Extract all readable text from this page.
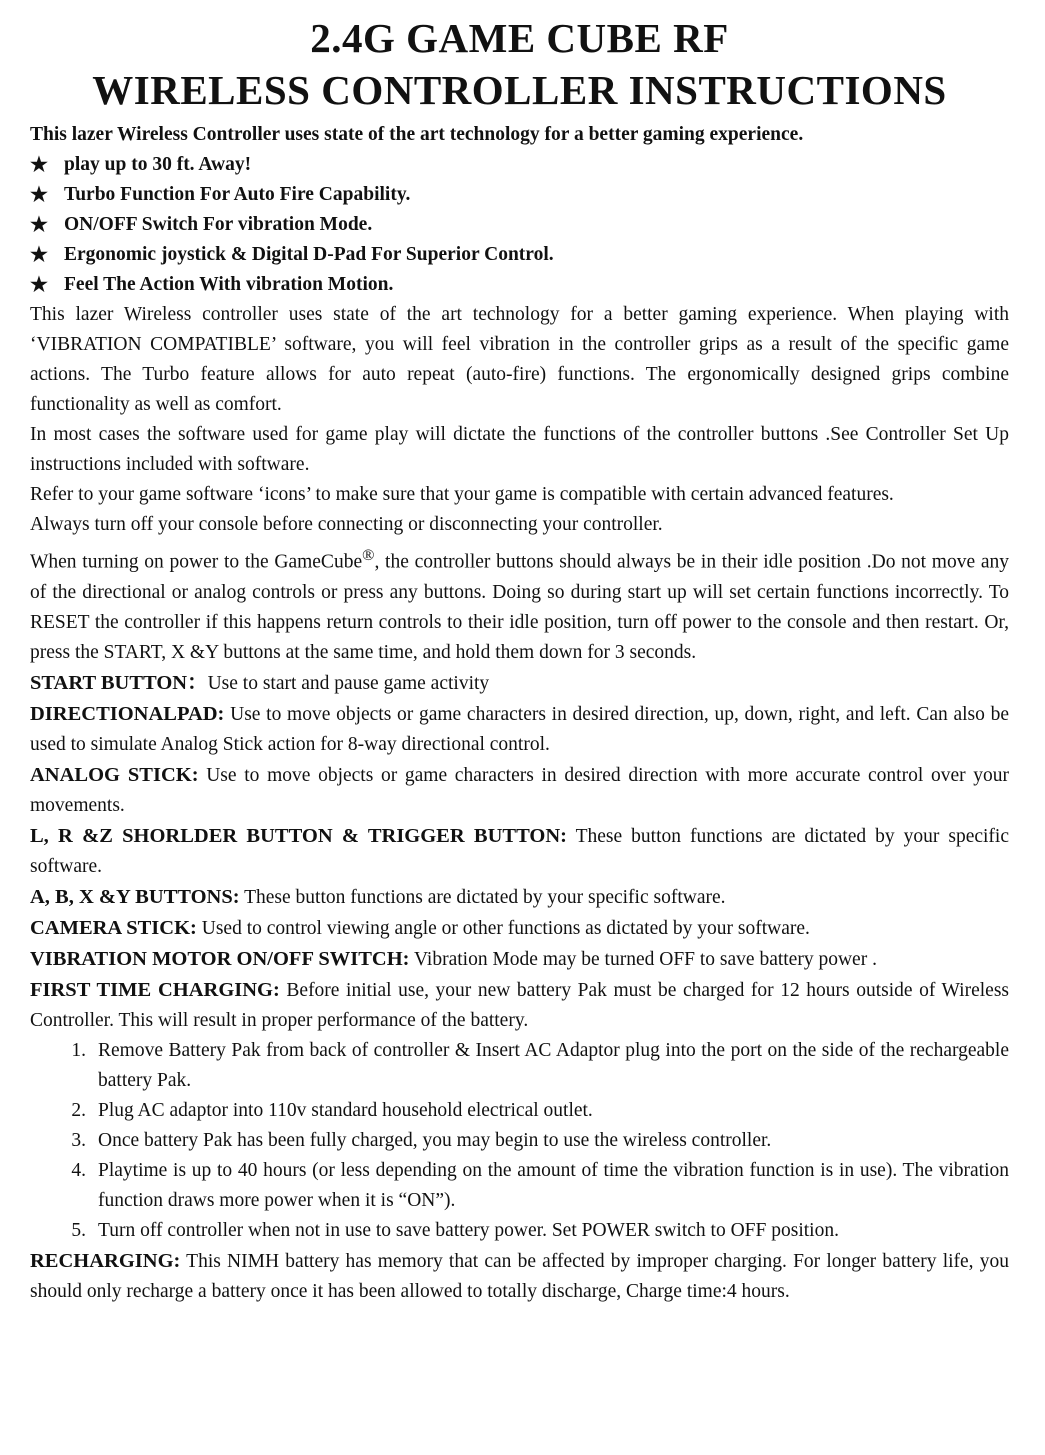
2.4G GAME CUBE RF
WIRELESS CONTROLLER INSTRUCTIONS
This lazer Wireless Controller uses state of the art technology for a better gaming experience.
★ play up to 30 ft. Away!
★ Turbo Function For Auto Fire Capability.
★ ON/OFF Switch For vibration Mode.
★ Ergonomic joystick & Digital D-Pad For Superior Control.
★ Feel The Action With vibration Motion.

This lazer Wireless controller uses state of the art technology for a better gaming experience. When playing with ‘VIBRATION COMPATIBLE’ software, you will feel vibration in the controller grips as a result of the specific game actions. The Turbo feature allows for auto repeat (auto-fire) functions. The ergonomically designed grips combine functionality as well as comfort.

In most cases the software used for game play will dictate the functions of the controller buttons .See Controller Set Up instructions included with software.

Refer to your game software ‘icons’ to make sure that your game is compatible with certain advanced features.

Always turn off your console before connecting or disconnecting your controller.

When turning on power to the GameCube®, the controller buttons should always be in their idle position .Do not move any of the directional or analog controls or press any buttons. Doing so during start up will set certain functions incorrectly. To RESET the controller if this happens return controls to their idle position, turn off power to the console and then restart. Or, press the START, X &Y buttons at the same time, and hold them down for 3 seconds.

START BUTTON：Use to start and pause game activity

DIRECTIONALPAD: Use to move objects or game characters in desired direction, up, down, right, and left. Can also be used to simulate Analog Stick action for 8-way directional control.

ANALOG STICK: Use to move objects or game characters in desired direction with more accurate control over your movements.

L, R &Z SHORLDER BUTTON & TRIGGER BUTTON: These button functions are dictated by your specific software.

A, B, X &Y BUTTONS: These button functions are dictated by your specific software.

CAMERA STICK: Used to control viewing angle or other functions as dictated by your software.

VIBRATION MOTOR ON/OFF SWITCH: Vibration Mode may be turned OFF to save battery power .

FIRST TIME CHARGING: Before initial use, your new battery Pak must be charged for 12 hours outside of Wireless Controller. This will result in proper performance of the battery.

1. Remove Battery Pak from back of controller & Insert AC Adaptor plug into the port on the side of the rechargeable battery Pak.
2. Plug AC adaptor into 110v standard household electrical outlet.
3. Once battery Pak has been fully charged, you may begin to use the wireless controller.
4. Playtime is up to 40 hours (or less depending on the amount of time the vibration function is in use). The vibration function draws more power when it is “ON”).
5. Turn off controller when not in use to save battery power. Set POWER switch to OFF position.

RECHARGING: This NIMH battery has memory that can be affected by improper charging. For longer battery life, you should only recharge a battery once it has been allowed to totally discharge, Charge time:4 hours.
